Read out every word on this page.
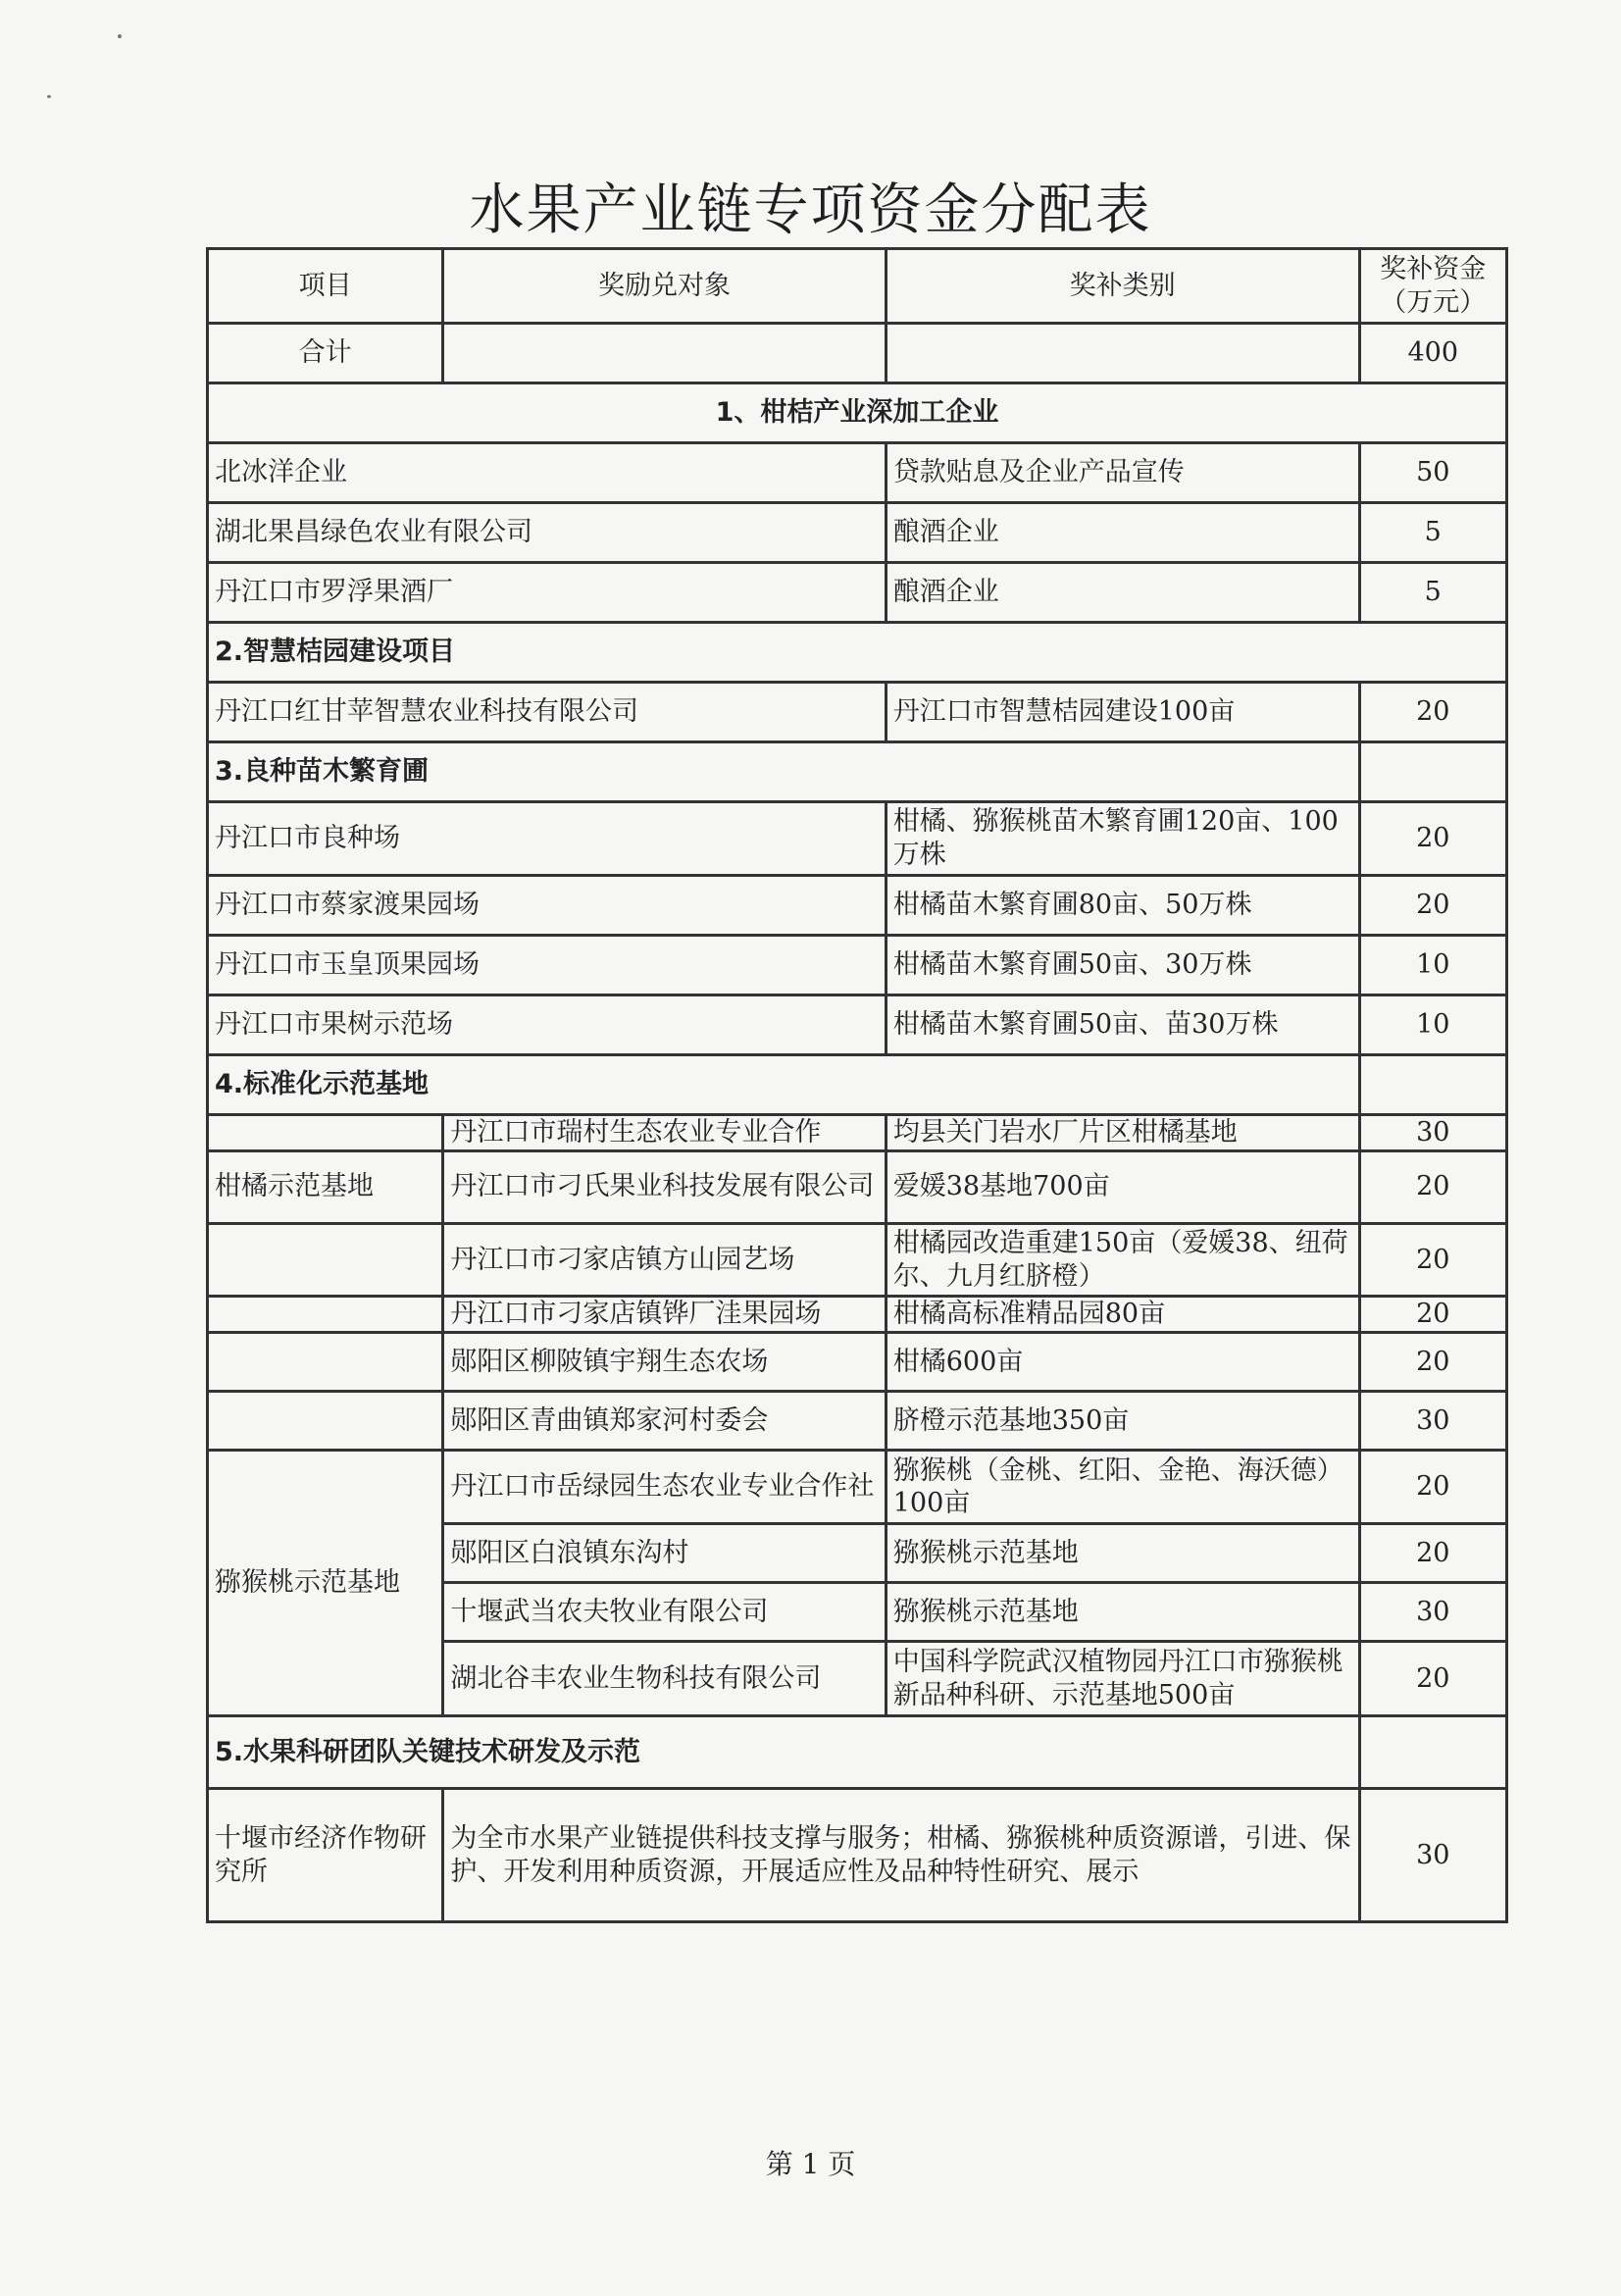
水果产业链专项资金分配表
项目	奖励兑对象	奖补类别	奖补资金（万元）
合计			400
1、柑桔产业深加工企业			
北冰洋企业		贷款贴息及企业产品宣传	50
湖北果昌绿色农业有限公司		酿酒企业	5
丹江口市罗浮果酒厂		酿酒企业	5
2.智慧桔园建设项目			
丹江口红甘苹智慧农业科技有限公司		丹江口市智慧桔园建设100亩	20
3.良种苗木繁育圃			
丹江口市良种场		柑橘、猕猴桃苗木繁育圃120亩、100万株	20
丹江口市蔡家渡果园场		柑橘苗木繁育圃80亩、50万株	20
丹江口市玉皇顶果园场		柑橘苗木繁育圃50亩、30万株	10
丹江口市果树示范场		柑橘苗木繁育圃50亩、苗30万株	10
4.标准化示范基地			
	丹江口市瑞村生态农业专业合作	均县关门岩水厂片区柑橘基地	30
柑橘示范基地	丹江口市刁氏果业科技发展有限公司	爱媛38基地700亩	20
	丹江口市刁家店镇方山园艺场	柑橘园改造重建150亩（爱媛38、纽荷尔、九月红脐橙）	20
	丹江口市刁家店镇铧厂洼果园场	柑橘高标准精品园80亩	20
	郧阳区柳陂镇宇翔生态农场	柑橘600亩	20
	郧阳区青曲镇郑家河村委会	脐橙示范基地350亩	30
猕猴桃示范基地	丹江口市岳绿园生态农业专业合作社	猕猴桃（金桃、红阳、金艳、海沃德）100亩	20
	郧阳区白浪镇东沟村	猕猴桃示范基地	20
	十堰武当农夫牧业有限公司	猕猴桃示范基地	30
	湖北谷丰农业生物科技有限公司	中国科学院武汉植物园丹江口市猕猴桃新品种科研、示范基地500亩	20
5.水果科研团队关键技术研发及示范			
十堰市经济作物研究所	为全市水果产业链提供科技支撑与服务；柑橘、猕猴桃种质资源谱，引进、保护、开发利用种质资源，开展适应性及品种特性研究、展示		30
第 1 页
